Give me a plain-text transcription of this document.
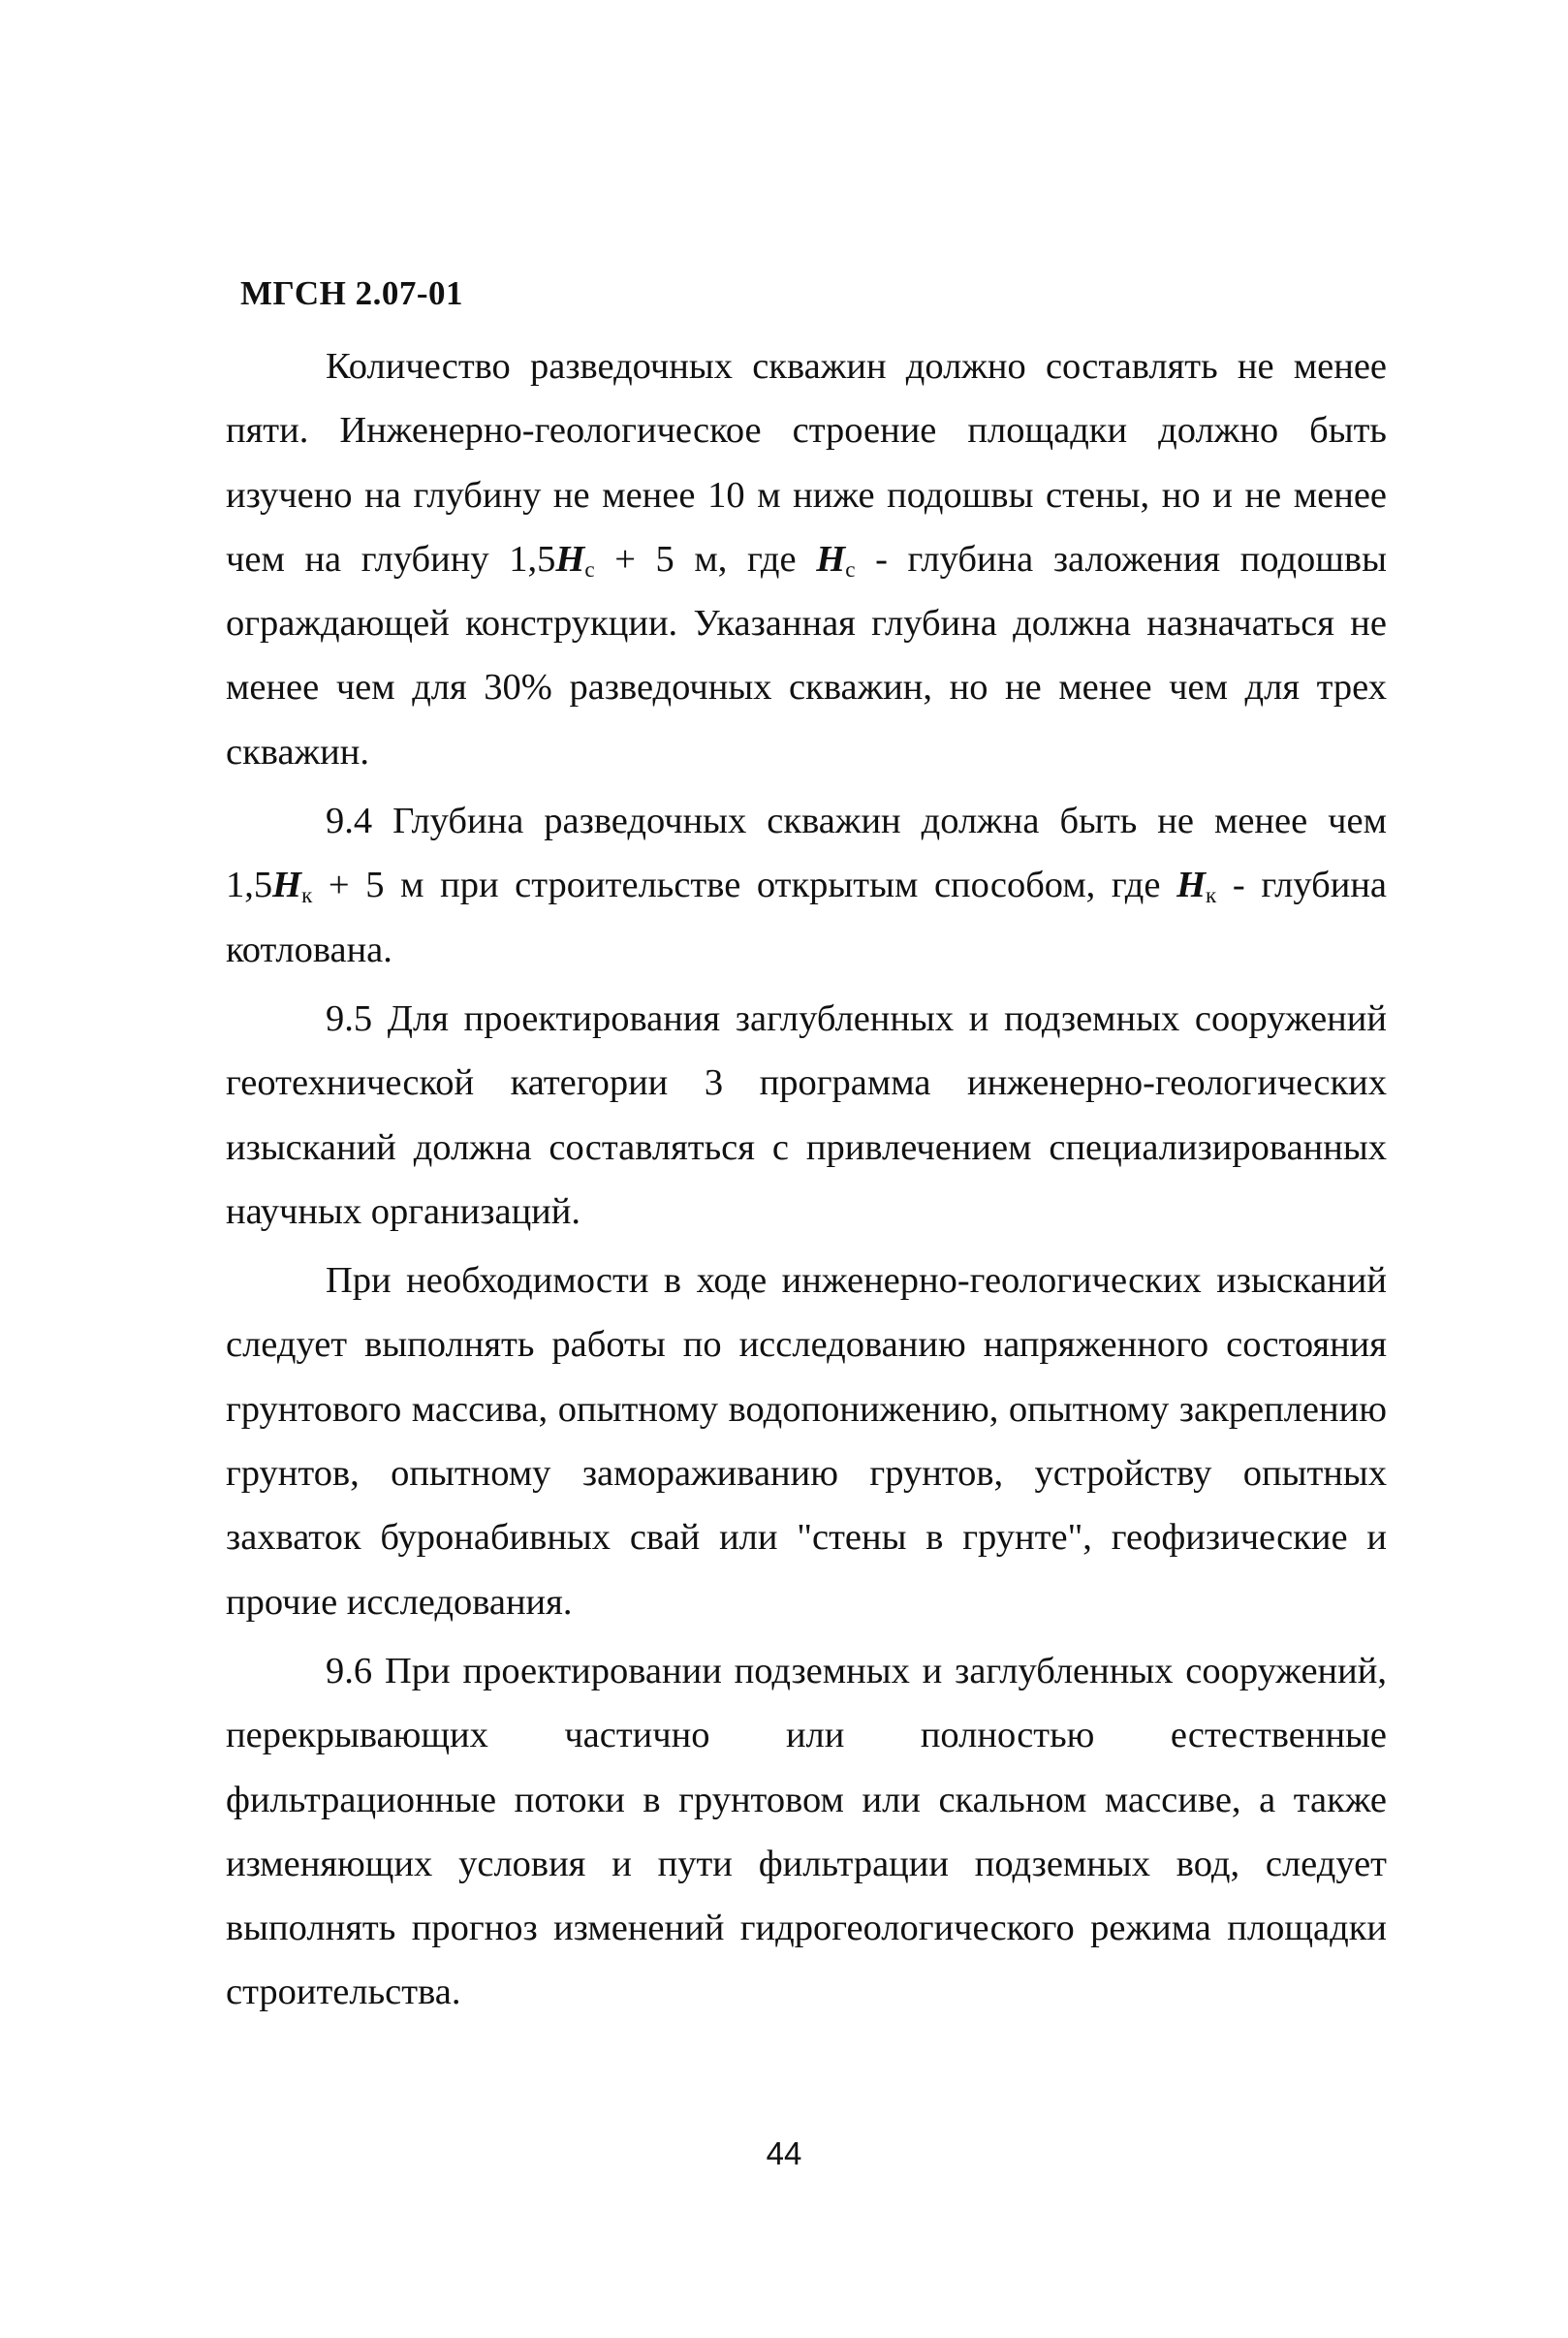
МГСН 2.07-01

Количество разведочных скважин должно составлять не менее пяти. Инженерно-геологическое строение площадки должно быть изучено на глубину не менее 10 м ниже подошвы стены, но и не менее чем на глубину $1,5H_c + 5$ м, где $H_c$ - глубина заложения подошвы ограждающей конструкции. Указанная глубина должна назначаться не менее чем для 30% разведочных скважин, но не менее чем для трех скважин.

9.4 Глубина разведочных скважин должна быть не менее чем $1,5H_к + 5$ м при строительстве открытым способом, где $H_к$ - глубина котлована.

9.5 Для проектирования заглубленных и подземных сооружений геотехнической категории 3 программа инженерно-геологических изысканий должна составляться с привлечением специализированных научных организаций.

При необходимости в ходе инженерно-геологических изысканий следует выполнять работы по исследованию напряженного состояния грунтового массива, опытному водопонижению, опытному закреплению грунтов, опытному замораживанию грунтов, устройству опытных захваток буронабивных свай или "стены в грунте", геофизические и прочие исследования.

9.6 При проектировании подземных и заглубленных сооружений, перекрывающих частично или полностью естественные фильтрационные потоки в грунтовом или скальном массиве, а также изменяющих условия и пути фильтрации подземных вод, следует выполнять прогноз изменений гидрогеологического режима площадки строительства.

44
